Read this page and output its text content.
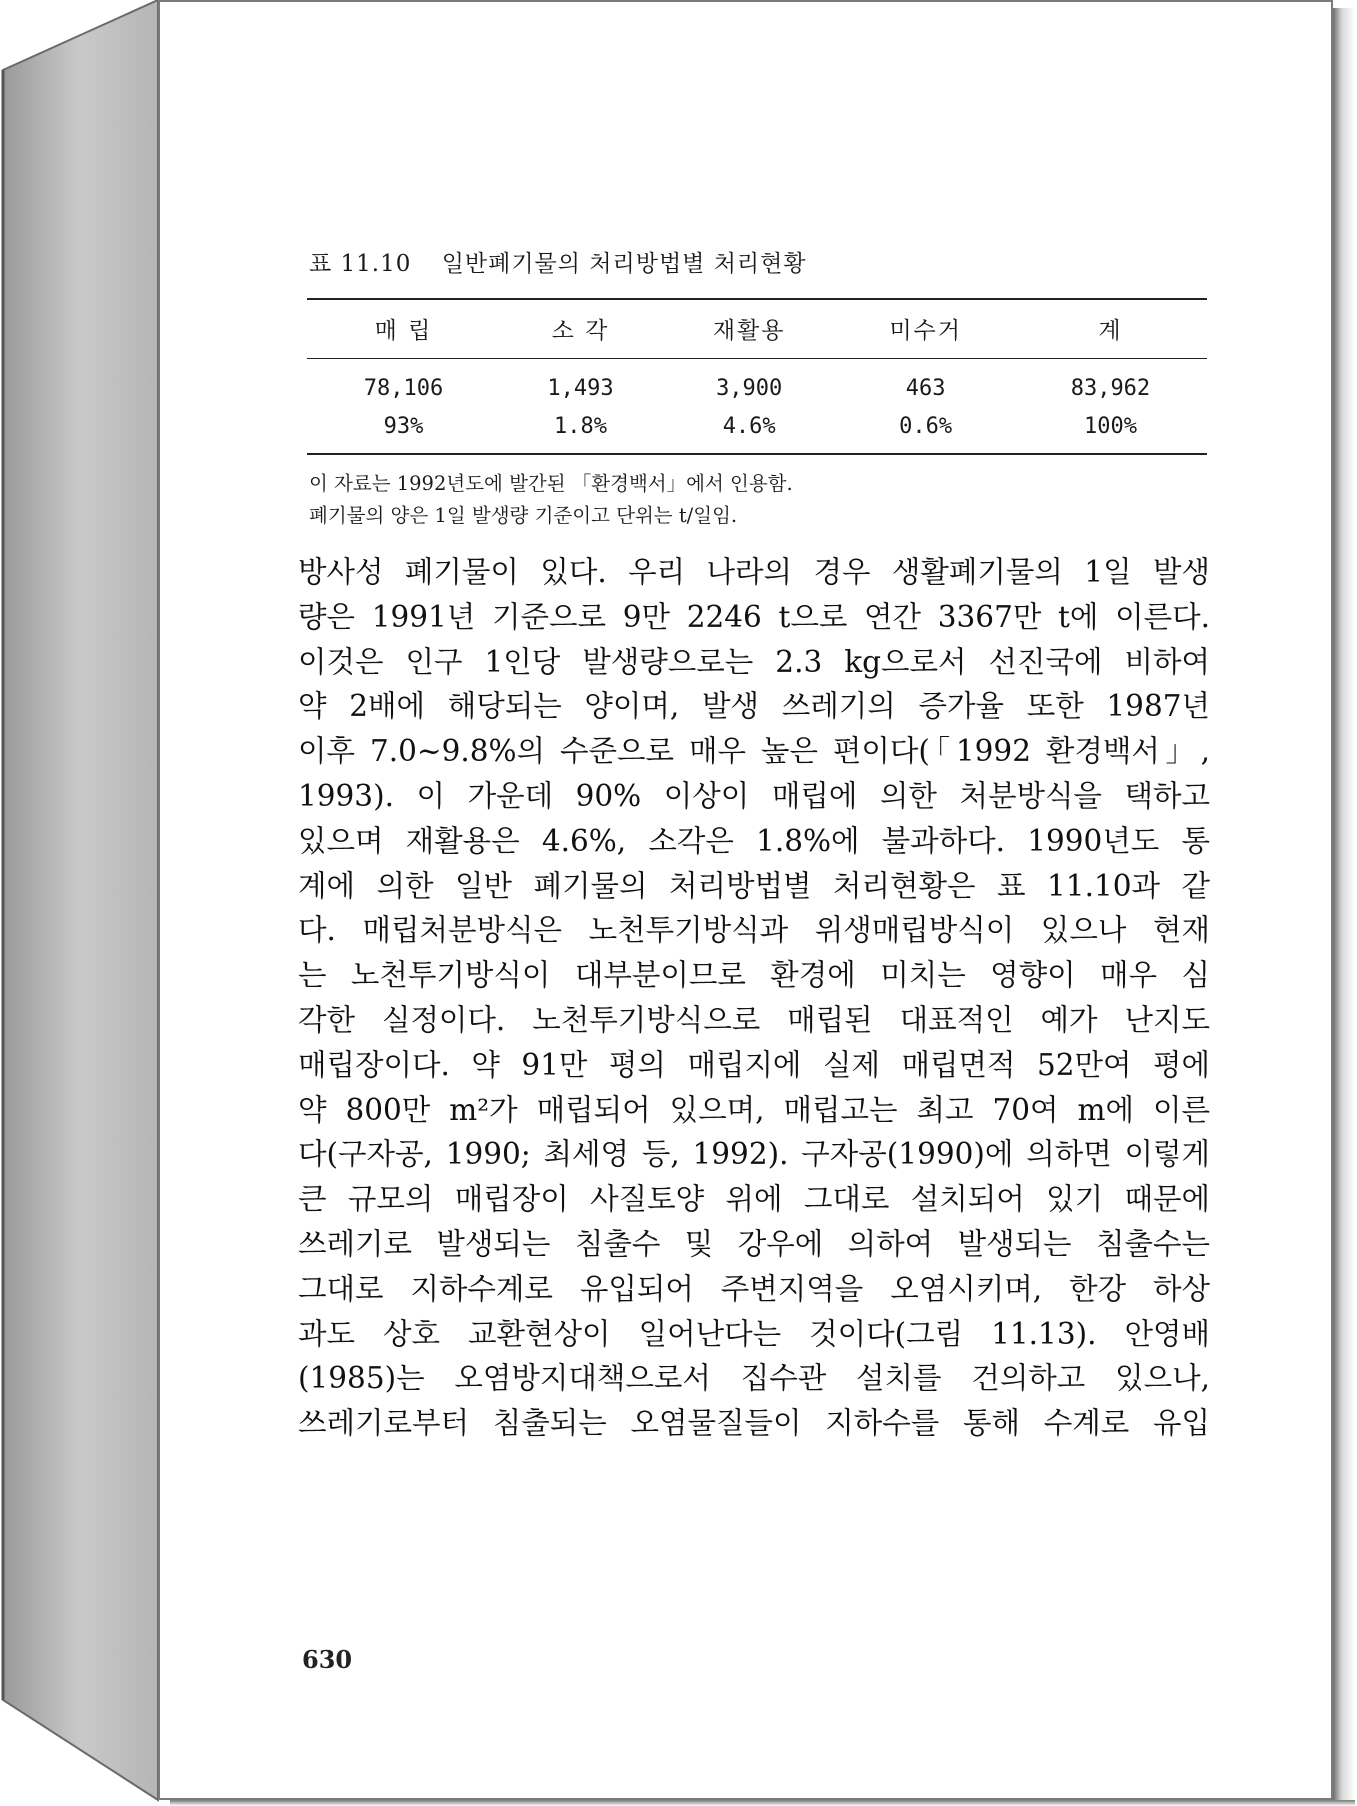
표 11.10 일반폐기물의 처리방법별 처리현황
매 립	소 각	재활용	미수거	계
78,106	1,493	3,900	463	83,962
93%	1.8%	4.6%	0.6%	100%
이 자료는 1992년도에 발간된 「환경백서」에서 인용함.
폐기물의 양은 1일 발생량 기준이고 단위는 t/일임.

방사성 폐기물이 있다. 우리 나라의 경우 생활폐기물의 1일 발생

량은 1991년 기준으로 9만 2246 t으로 연간 3367만 t에 이른다.

이것은 인구 1인당 발생량으로는 2.3 kg으로서 선진국에 비하여

약 2배에 해당되는 양이며, 발생 쓰레기의 증가율 또한 1987년

이후 7.0~9.8%의 수준으로 매우 높은 편이다(「1992 환경백서」,

1993). 이 가운데 90% 이상이 매립에 의한 처분방식을 택하고

있으며 재활용은 4.6%, 소각은 1.8%에 불과하다. 1990년도 통

계에 의한 일반 폐기물의 처리방법별 처리현황은 표 11.10과 같

다. 매립처분방식은 노천투기방식과 위생매립방식이 있으나 현재

는 노천투기방식이 대부분이므로 환경에 미치는 영향이 매우 심

각한 실정이다. 노천투기방식으로 매립된 대표적인 예가 난지도

매립장이다. 약 91만 평의 매립지에 실제 매립면적 52만여 평에

약 800만 m²가 매립되어 있으며, 매립고는 최고 70여 m에 이른

다(구자공, 1990; 최세영 등, 1992). 구자공(1990)에 의하면 이렇게

큰 규모의 매립장이 사질토양 위에 그대로 설치되어 있기 때문에

쓰레기로 발생되는 침출수 및 강우에 의하여 발생되는 침출수는

그대로 지하수계로 유입되어 주변지역을 오염시키며, 한강 하상

과도 상호 교환현상이 일어난다는 것이다(그림 11.13). 안영배

(1985)는 오염방지대책으로서 집수관 설치를 건의하고 있으나,

쓰레기로부터 침출되는 오염물질들이 지하수를 통해 수계로 유입

630
